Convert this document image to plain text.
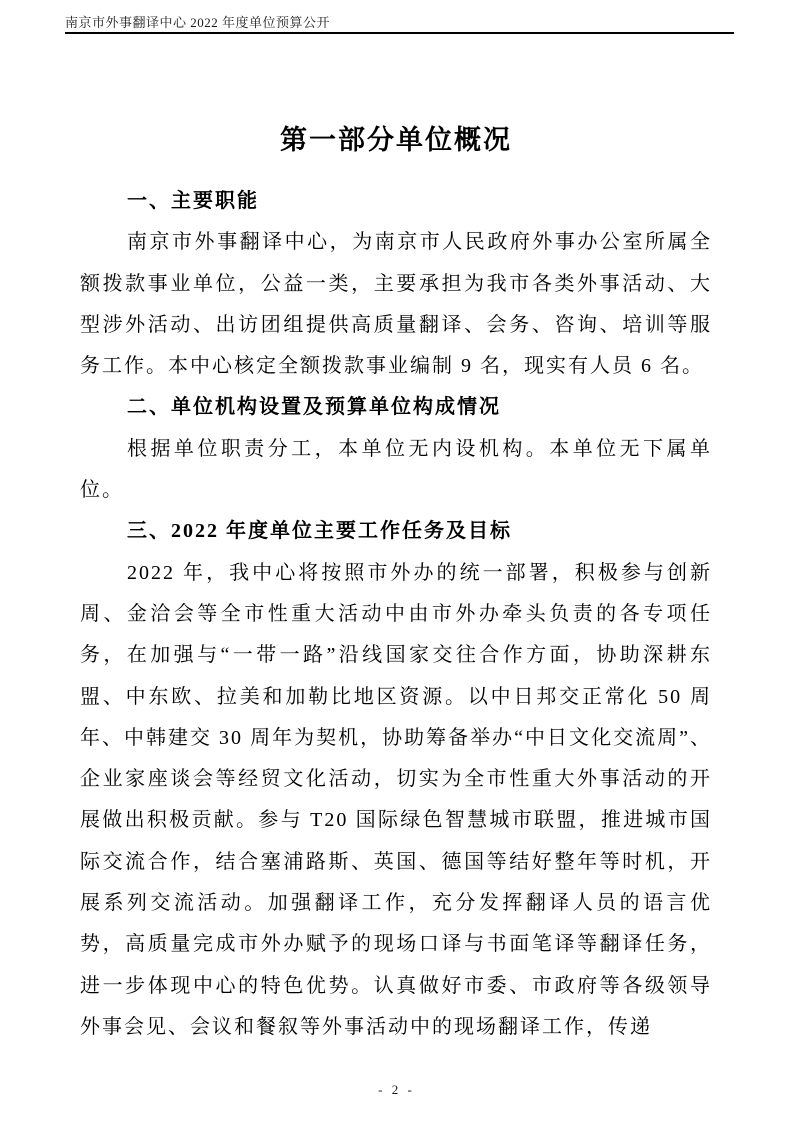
南京市外事翻译中心 2022 年度单位预算公开
第一部分单位概况
一、主要职能

南京市外事翻译中心，为南京市人民政府外事办公室所属全额拨款事业单位，公益一类，主要承担为我市各类外事活动、大型涉外活动、出访团组提供高质量翻译、会务、咨询、培训等服务工作。本中心核定全额拨款事业编制 9 名，现实有人员 6 名。

二、单位机构设置及预算单位构成情况

根据单位职责分工，本单位无内设机构。本单位无下属单位。

三、2022 年度单位主要工作任务及目标

2022 年，我中心将按照市外办的统一部署，积极参与创新周、金洽会等全市性重大活动中由市外办牵头负责的各专项任务，在加强与“一带一路”沿线国家交往合作方面，协助深耕东盟、中东欧、拉美和加勒比地区资源。以中日邦交正常化 50 周年、中韩建交 30 周年为契机，协助筹备举办“中日文化交流周”、企业家座谈会等经贸文化活动，切实为全市性重大外事活动的开展做出积极贡献。参与 T20 国际绿色智慧城市联盟，推进城市国际交流合作，结合塞浦路斯、英国、德国等结好整年等时机，开展系列交流活动。加强翻译工作，充分发挥翻译人员的语言优势，高质量完成市外办赋予的现场口译与书面笔译等翻译任务，进一步体现中心的特色优势。认真做好市委、市政府等各级领导外事会见、会议和餐叙等外事活动中的现场翻译工作，传递

- 2 -
